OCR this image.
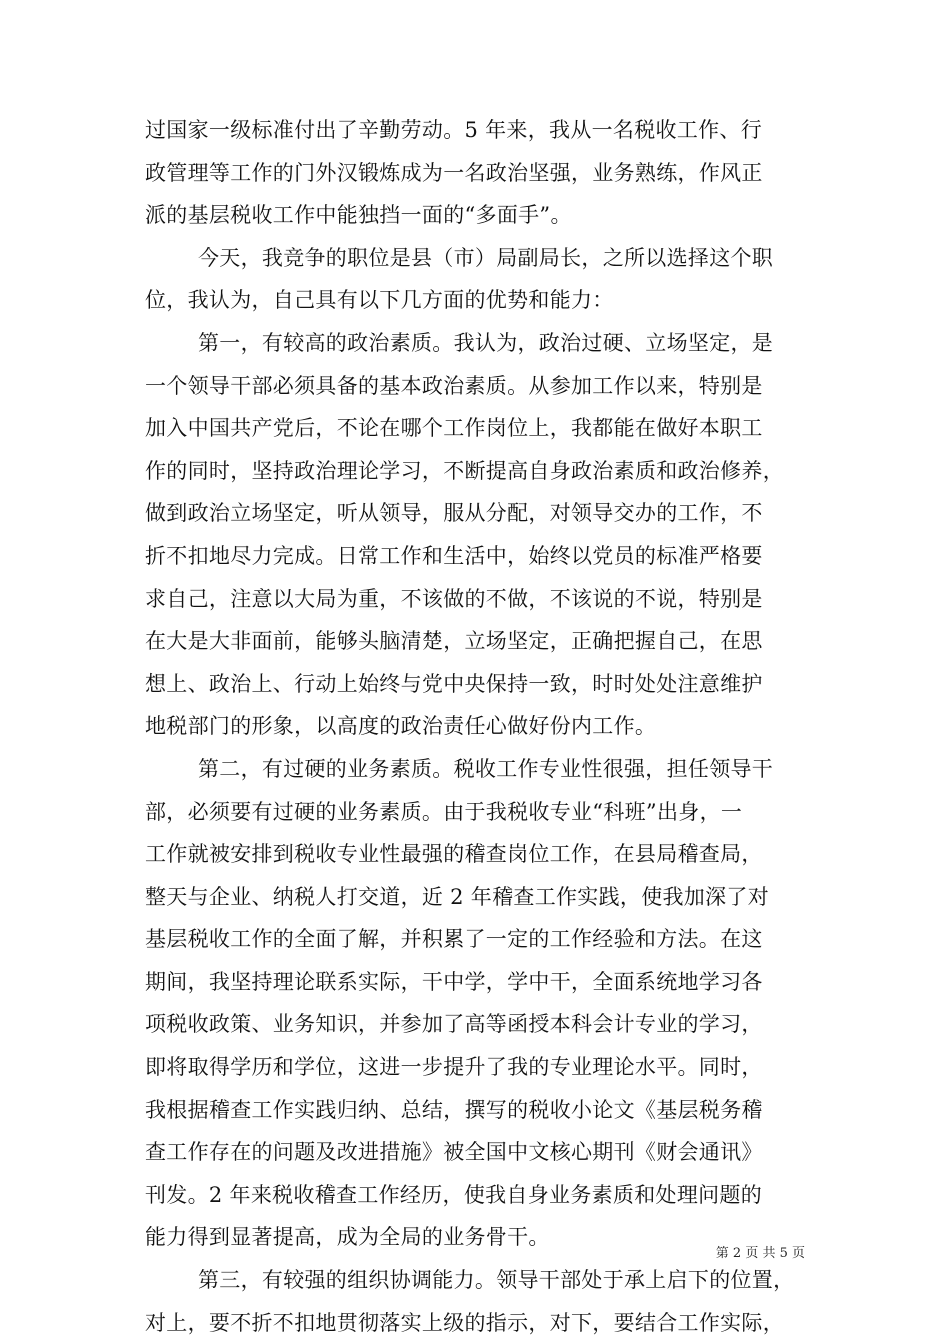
过国家一级标准付出了辛勤劳动。5 年来，我从一名税收工作、行
政管理等工作的门外汉锻炼成为一名政治坚强，业务熟练，作风正
派的基层税收工作中能独挡一面的“多面手”。
今天，我竞争的职位是县（市）局副局长，之所以选择这个职
位，我认为，自己具有以下几方面的优势和能力：
第一，有较高的政治素质。我认为，政治过硬、立场坚定，是
一个领导干部必须具备的基本政治素质。从参加工作以来，特别是
加入中国共产党后，不论在哪个工作岗位上，我都能在做好本职工
作的同时，坚持政治理论学习，不断提高自身政治素质和政治修养，
做到政治立场坚定，听从领导，服从分配，对领导交办的工作，不
折不扣地尽力完成。日常工作和生活中，始终以党员的标准严格要
求自己，注意以大局为重，不该做的不做，不该说的不说，特别是
在大是大非面前，能够头脑清楚，立场坚定，正确把握自己，在思
想上、政治上、行动上始终与党中央保持一致，时时处处注意维护
地税部门的形象，以高度的政治责任心做好份内工作。
第二，有过硬的业务素质。税收工作专业性很强，担任领导干
部，必须要有过硬的业务素质。由于我税收专业“科班”出身，一
工作就被安排到税收专业性最强的稽查岗位工作，在县局稽查局，
整天与企业、纳税人打交道，近 2 年稽查工作实践，使我加深了对
基层税收工作的全面了解，并积累了一定的工作经验和方法。在这
期间，我坚持理论联系实际，干中学，学中干，全面系统地学习各
项税收政策、业务知识，并参加了高等函授本科会计专业的学习，
即将取得学历和学位，这进一步提升了我的专业理论水平。同时，
我根据稽查工作实践归纳、总结，撰写的税收小论文《基层税务稽
查工作存在的问题及改进措施》被全国中文核心期刊《财会通讯》
刊发。2 年来税收稽查工作经历，使我自身业务素质和处理问题的
能力得到显著提高，成为全局的业务骨干。
第三，有较强的组织协调能力。领导干部处于承上启下的位置，
对上，要不折不扣地贯彻落实上级的指示，对下，要结合工作实际，
第 2 页 共 5 页
